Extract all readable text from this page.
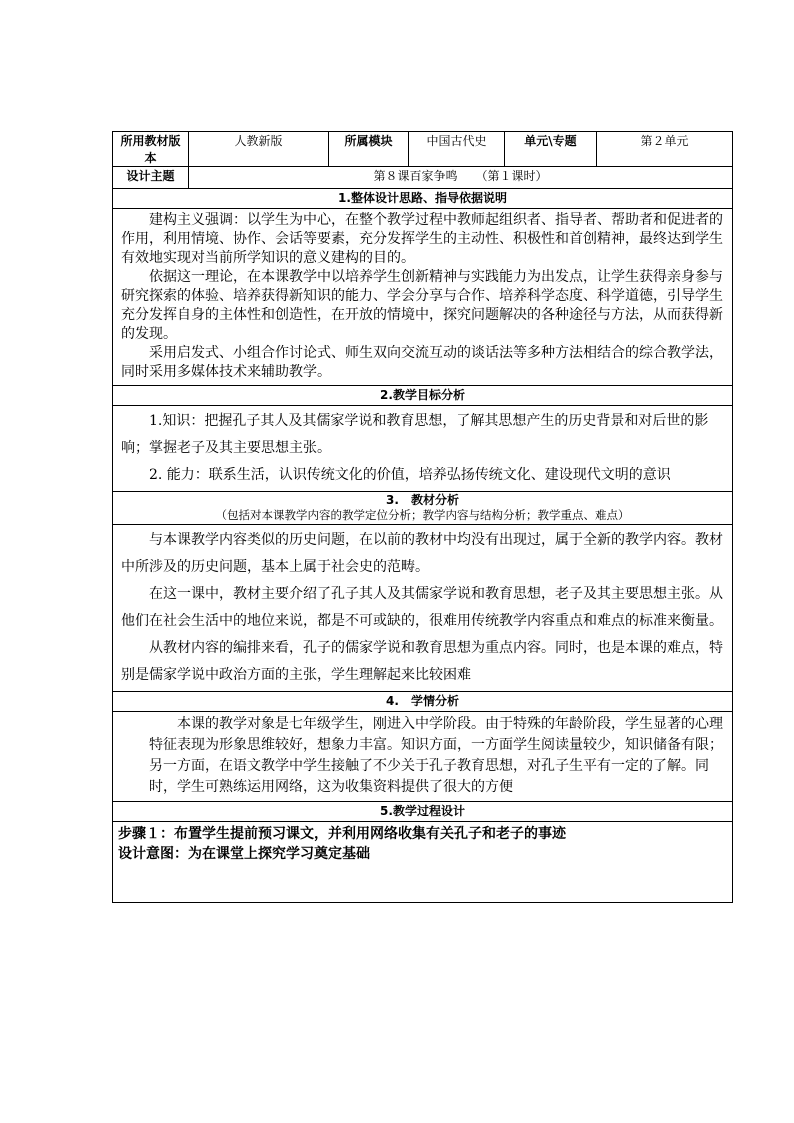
所用教材版本	人教新版	所属模块	中国古代史	单元\专题	第２单元
设计主题	第８课百家争鸣　　（第１课时）				
1.整体设计思路、指导依据说明					

建构主义强调：以学生为中心，在整个教学过程中教师起组织者、指导者、帮助者和促进者的作用，利用情境、协作、会话等要素，充分发挥学生的主动性、积极性和首创精神，最终达到学生有效地实现对当前所学知识的意义建构的目的。

依据这一理论，在本课教学中以培养学生创新精神与实践能力为出发点，让学生获得亲身参与研究探索的体验、培养获得新知识的能力、学会分享与合作、培养科学态度、科学道德，引导学生充分发挥自身的主体性和创造性，在开放的情境中，探究问题解决的各种途径与方法，从而获得新的发现。

采用启发式、小组合作讨论式、师生双向交流互动的谈话法等多种方法相结合的综合教学法，同时采用多媒体技术来辅助教学。					

2.教学目标分析					

1.知识：把握孔子其人及其儒家学说和教育思想，了解其思想产生的历史背景和对后世的影响；掌握老子及其主要思想主张。

2. 能力：联系生活，认识传统文化的价值，培养弘扬传统文化、建设现代文明的意识					

3.　教材分析
（包括对本课教学内容的教学定位分析；教学内容与结构分析；教学重点、难点）					

与本课教学内容类似的历史问题，在以前的教材中均没有出现过，属于全新的教学内容。教材中所涉及的历史问题，基本上属于社会史的范畴。

在这一课中，教材主要介绍了孔子其人及其儒家学说和教育思想，老子及其主要思想主张。从他们在社会生活中的地位来说，都是不可或缺的，很难用传统教学内容重点和难点的标准来衡量。

从教材内容的编排来看，孔子的儒家学说和教育思想为重点内容。同时，也是本课的难点，特别是儒家学说中政治方面的主张，学生理解起来比较困难					

4.　学情分析					

本课的教学对象是七年级学生，刚进入中学阶段。由于特殊的年龄阶段，学生显著的心理特征表现为形象思维较好，想象力丰富。知识方面，一方面学生阅读量较少，知识储备有限；另一方面，在语文教学中学生接触了不少关于孔子教育思想，对孔子生平有一定的了解。同时，学生可熟练运用网络，这为收集资料提供了很大的方便					

5.教学过程设计					

步骤１：布置学生提前预习课文，并利用网络收集有关孔子和老子的事迹

设计意图：为在课堂上探究学习奠定基础					
